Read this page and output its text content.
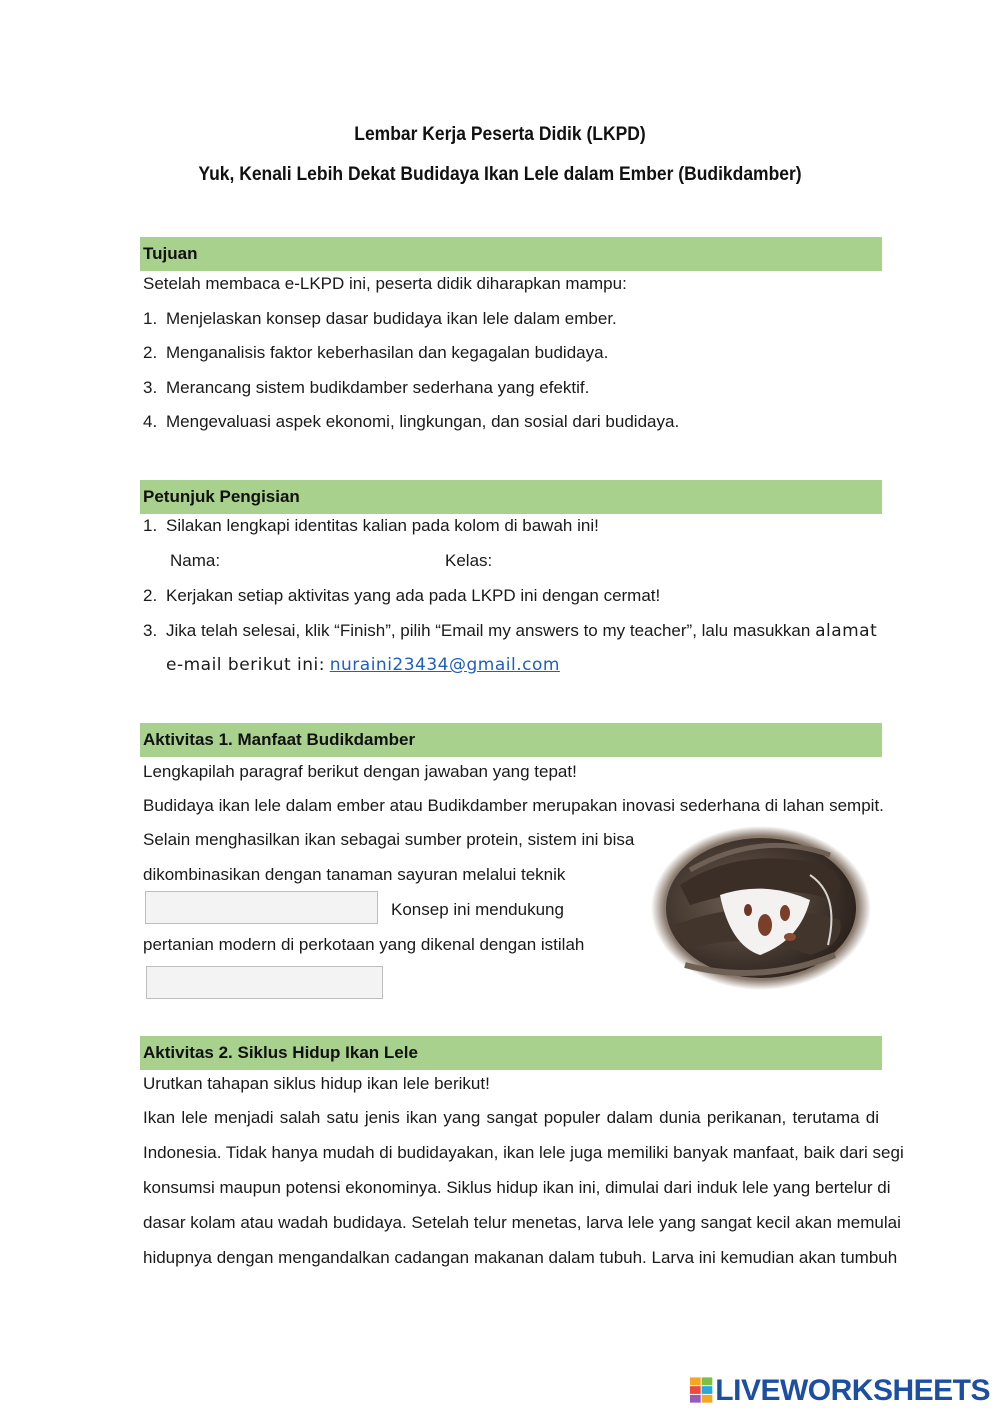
Lembar Kerja Peserta Didik (LKPD)
Yuk, Kenali Lebih Dekat Budidaya Ikan Lele dalam Ember (Budikdamber)
Tujuan
Setelah membaca e-LKPD ini, peserta didik diharapkan mampu:
1. Menjelaskan konsep dasar budidaya ikan lele dalam ember.
2. Menganalisis faktor keberhasilan dan kegagalan budidaya.
3. Merancang sistem budikdamber sederhana yang efektif.
4. Mengevaluasi aspek ekonomi, lingkungan, dan sosial dari budidaya.
Petunjuk Pengisian
1. Silakan lengkapi identitas kalian pada kolom di bawah ini!
Nama:	Kelas:
2. Kerjakan setiap aktivitas yang ada pada LKPD ini dengan cermat!
3. Jika telah selesai, klik “Finish”, pilih “Email my answers to my teacher”, lalu masukkan alamat
e-mail berikut ini: nuraini23434@gmail.com
Aktivitas 1. Manfaat Budikdamber
Lengkapilah paragraf berikut dengan jawaban yang tepat!
Budidaya ikan lele dalam ember atau Budikdamber merupakan inovasi sederhana di lahan sempit.
Selain menghasilkan ikan sebagai sumber protein, sistem ini bisa
dikombinasikan dengan tanaman sayuran melalui teknik
Konsep ini mendukung
pertanian modern di perkotaan yang dikenal dengan istilah
Aktivitas 2. Siklus Hidup Ikan Lele
Urutkan tahapan siklus hidup ikan lele berikut!
Ikan lele menjadi salah satu jenis ikan yang sangat populer dalam dunia perikanan, terutama di
Indonesia. Tidak hanya mudah di budidayakan, ikan lele juga memiliki banyak manfaat, baik dari segi
konsumsi maupun potensi ekonominya. Siklus hidup ikan ini, dimulai dari induk lele yang bertelur di
dasar kolam atau wadah budidaya. Setelah telur menetas, larva lele yang sangat kecil akan memulai
hidupnya dengan mengandalkan cadangan makanan dalam tubuh. Larva ini kemudian akan tumbuh
LIVEWORKSHEETS
